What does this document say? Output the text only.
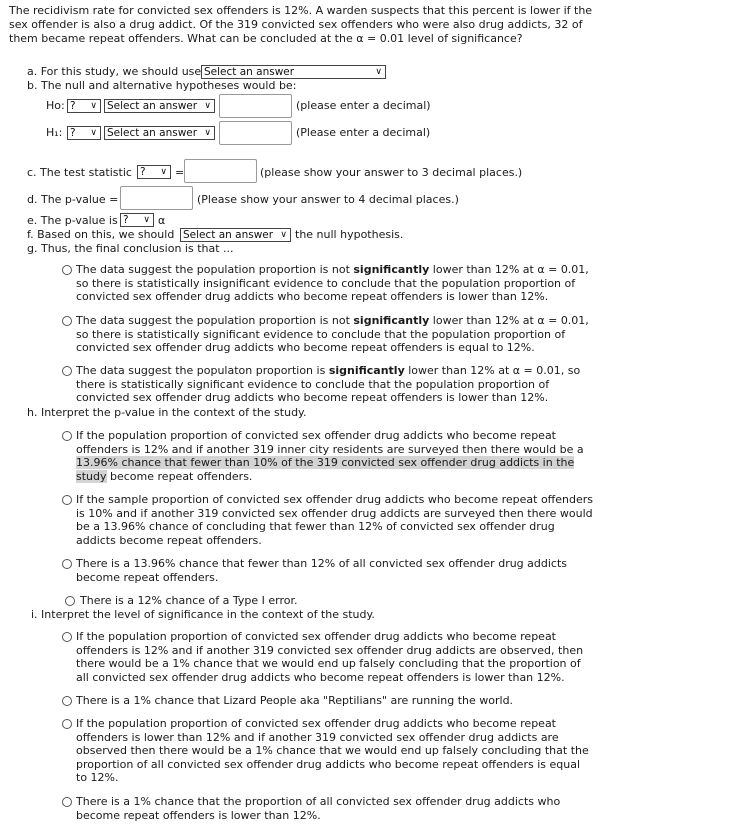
The recidivism rate for convicted sex offenders is 12%. A warden suspects that this percent is lower if the sex offender is also a drug addict. Of the 319 convicted sex offenders who were also drug addicts, 32 of them became repeat offenders. What can be concluded at the α = 0.01 level of significance?
a. For this study, we should use Select an answer	∨
b. The null and alternative hypotheses would be:
Ho: ? ∨ Select an answer ∨	(please enter a decimal)
H₁: ? ∨ Select an answer ∨	(Please enter a decimal)
c. The test statistic ? ∨ =	(please show your answer to 3 decimal places.)
d. The p-value =	(Please show your answer to 4 decimal places.)
e. The p-value is ? ∨ α
f. Based on this, we should Select an answer ∨ the null hypothesis.
g. Thus, the final conclusion is that ...
The data suggest the population proportion is not significantly lower than 12% at α = 0.01, so there is statistically insignificant evidence to conclude that the population proportion of convicted sex offender drug addicts who become repeat offenders is lower than 12%.
The data suggest the population proportion is not significantly lower than 12% at α = 0.01, so there is statistically significant evidence to conclude that the population proportion of convicted sex offender drug addicts who become repeat offenders is equal to 12%.
The data suggest the populaton proportion is significantly lower than 12% at α = 0.01, so there is statistically significant evidence to conclude that the population proportion of convicted sex offender drug addicts who become repeat offenders is lower than 12%.
h. Interpret the p-value in the context of the study.
If the population proportion of convicted sex offender drug addicts who become repeat offenders is 12% and if another 319 inner city residents are surveyed then there would be a 13.96% chance that fewer than 10% of the 319 convicted sex offender drug addicts in the study become repeat offenders.
If the sample proportion of convicted sex offender drug addicts who become repeat offenders is 10% and if another 319 convicted sex offender drug addicts are surveyed then there would be a 13.96% chance of concluding that fewer than 12% of convicted sex offender drug addicts become repeat offenders.
There is a 13.96% chance that fewer than 12% of all convicted sex offender drug addicts become repeat offenders.
There is a 12% chance of a Type I error.
i. Interpret the level of significance in the context of the study.
If the population proportion of convicted sex offender drug addicts who become repeat offenders is 12% and if another 319 convicted sex offender drug addicts are observed, then there would be a 1% chance that we would end up falsely concluding that the proportion of all convicted sex offender drug addicts who become repeat offenders is lower than 12%.
There is a 1% chance that Lizard People aka "Reptilians" are running the world.
If the population proportion of convicted sex offender drug addicts who become repeat offenders is lower than 12% and if another 319 convicted sex offender drug addicts are observed then there would be a 1% chance that we would end up falsely concluding that the proportion of all convicted sex offender drug addicts who become repeat offenders is equal to 12%.
There is a 1% chance that the proportion of all convicted sex offender drug addicts who become repeat offenders is lower than 12%.
